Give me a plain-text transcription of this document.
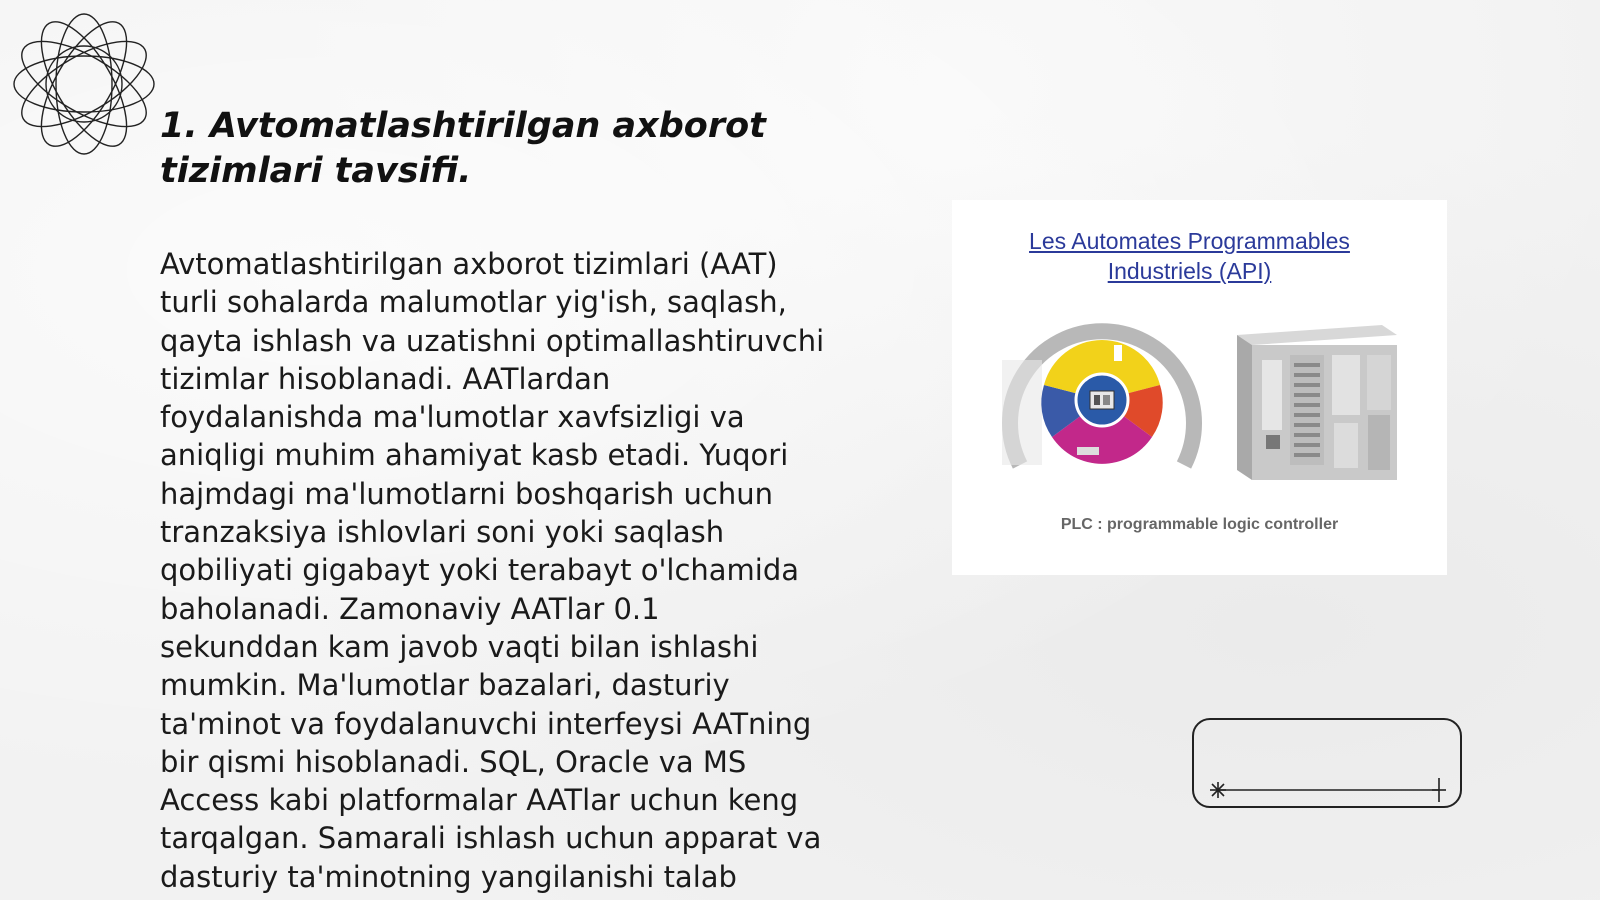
1. Avtomatlashtirilgan axborot tizimlari tavsifi.

Avtomatlashtirilgan axborot tizimlari (AAT)
turli sohalarda malumotlar yig'ish, saqlash,
qayta ishlash va uzatishni optimallashtiruvchi
tizimlar hisoblanadi. AATlardan
foydalanishda ma'lumotlar xavfsizligi va
aniqligi muhim ahamiyat kasb etadi. Yuqori
hajmdagi ma'lumotlarni boshqarish uchun
tranzaksiya ishlovlari soni yoki saqlash
qobiliyati gigabayt yoki terabayt o'lchamida
baholanadi. Zamonaviy AATlar 0.1
sekunddan kam javob vaqti bilan ishlashi
mumkin. Ma'lumotlar bazalari, dasturiy
ta'minot va foydalanuvchi interfeysi AATning
bir qismi hisoblanadi. SQL, Oracle va MS
Access kabi platformalar AATlar uchun keng
tarqalgan. Samarali ishlash uchun apparat va
dasturiy ta'minotning yangilanishi talab

Les Automates Programmables
Industriels (API)
PLC : programmable logic controller
